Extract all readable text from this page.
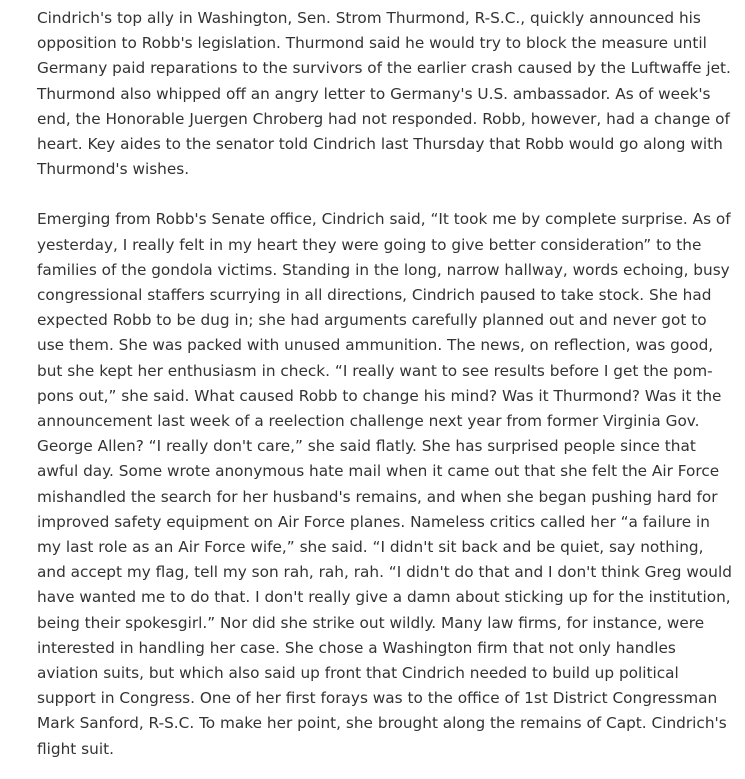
Cindrich's top ally in Washington, Sen. Strom Thurmond, R-S.C., quickly announced his opposition to Robb's legislation. Thurmond said he would try to block the measure until Germany paid reparations to the survivors of the earlier crash caused by the Luftwaffe jet. Thurmond also whipped off an angry letter to Germany's U.S. ambassador. As of week's end, the Honorable Juergen Chroberg had not responded. Robb, however, had a change of heart. Key aides to the senator told Cindrich last Thursday that Robb would go along with Thurmond's wishes.

Emerging from Robb's Senate office, Cindrich said, “It took me by complete surprise. As of yesterday, I really felt in my heart they were going to give better consideration” to the families of the gondola victims. Standing in the long, narrow hallway, words echoing, busy congressional staffers scurrying in all directions, Cindrich paused to take stock. She had expected Robb to be dug in; she had arguments carefully planned out and never got to use them. She was packed with unused ammunition. The news, on reflection, was good, but she kept her enthusiasm in check. “I really want to see results before I get the pom-pons out,” she said. What caused Robb to change his mind? Was it Thurmond? Was it the announcement last week of a reelection challenge next year from former Virginia Gov. George Allen? “I really don't care,” she said flatly. She has surprised people since that awful day. Some wrote anonymous hate mail when it came out that she felt the Air Force mishandled the search for her husband's remains, and when she began pushing hard for improved safety equipment on Air Force planes. Nameless critics called her “a failure in my last role as an Air Force wife,” she said. “I didn't sit back and be quiet, say nothing, and accept my flag, tell my son rah, rah, rah. “I didn't do that and I don't think Greg would have wanted me to do that. I don't really give a damn about sticking up for the institution, being their spokesgirl.” Nor did she strike out wildly. Many law firms, for instance, were interested in handling her case. She chose a Washington firm that not only handles aviation suits, but which also said up front that Cindrich needed to build up political support in Congress. One of her first forays was to the office of 1st District Congressman Mark Sanford, R-S.C. To make her point, she brought along the remains of Capt. Cindrich's flight suit.
